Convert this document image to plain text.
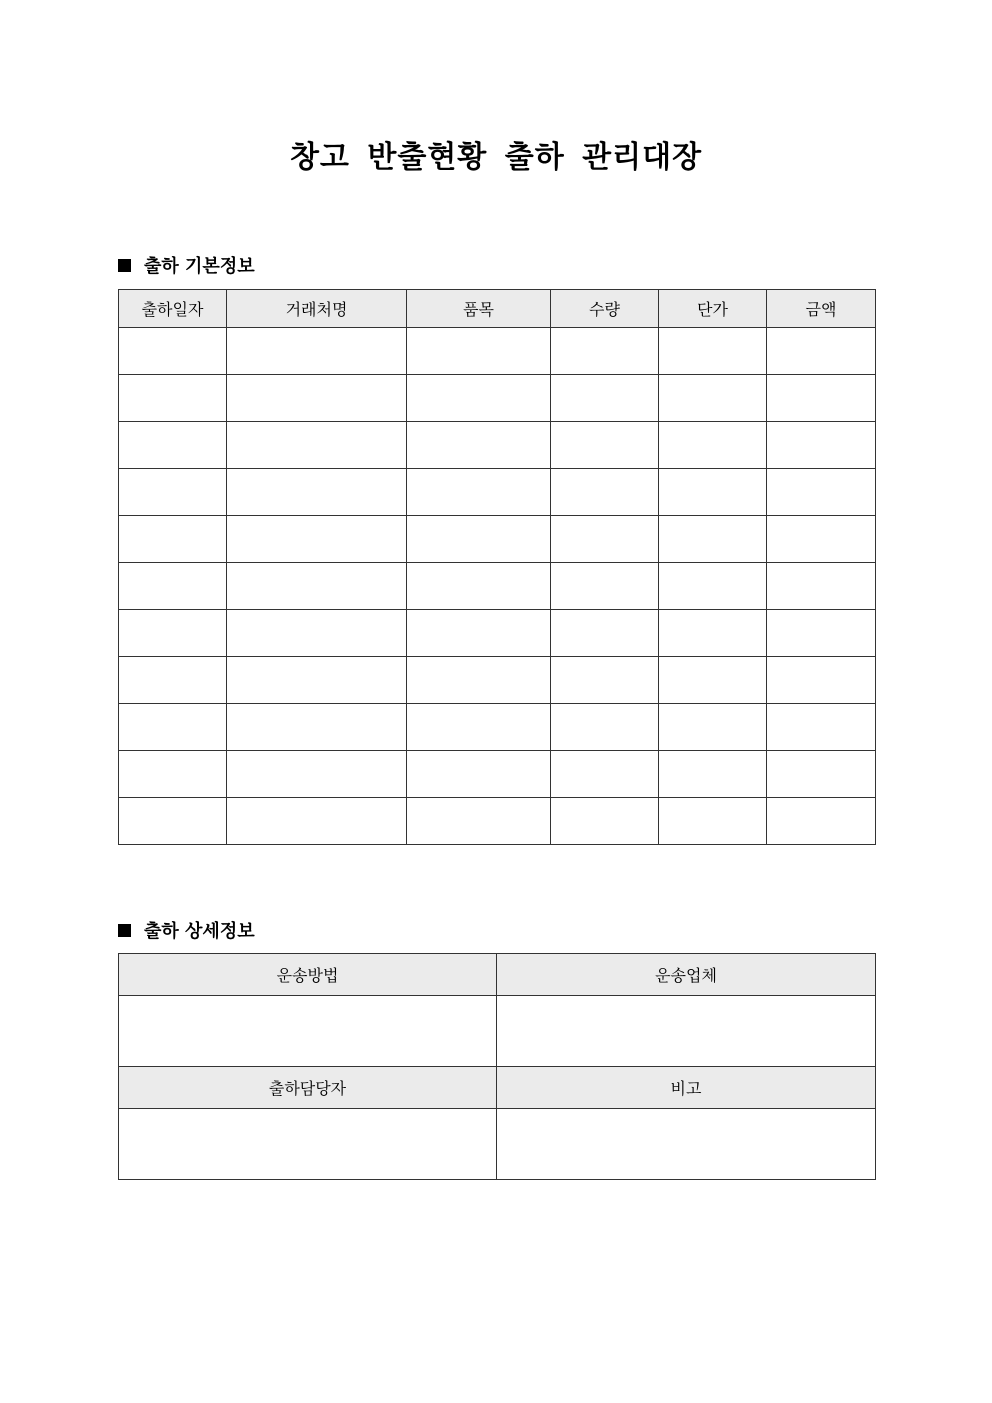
창고 반출현황 출하 관리대장
출하 기본정보
출하일자	거래처명	품목	수량	단가	금액

출하 상세정보
운송방법	운송업체

출하담당자	비고
